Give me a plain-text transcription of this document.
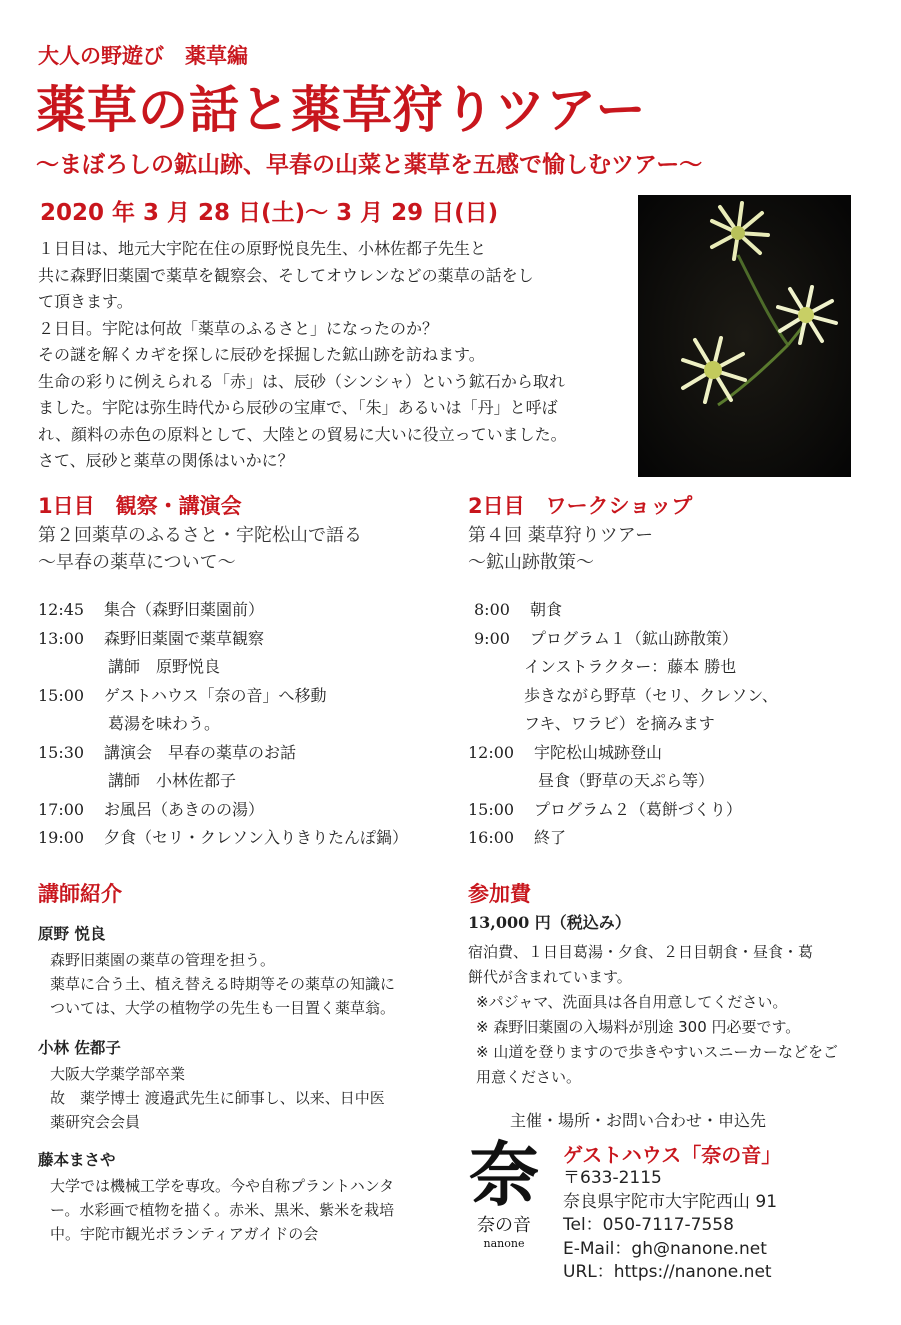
大人の野遊び　薬草編
薬草の話と薬草狩りツアー
～まぼろしの鉱山跡、早春の山菜と薬草を五感で愉しむツアー～
2020 年 3 月 28 日(土)～ 3 月 29 日(日)

１日目は、地元大宇陀在住の原野悦良先生、小林佐都子先生と

共に森野旧薬園で薬草を観察会、そしてオウレンなどの薬草の話をし

て頂きます。

２日目。宇陀は何故「薬草のふるさと」になったのか？

その謎を解くカギを探しに辰砂を採掘した鉱山跡を訪ねます。

生命の彩りに例えられる「赤」は、辰砂（シンシャ）という鉱石から取れ

ました。宇陀は弥生時代から辰砂の宝庫で、「朱」あるいは「丹」と呼ば

れ、顔料の赤色の原料として、大陸との貿易に大いに役立っていました。

さて、辰砂と薬草の関係はいかに？

1日目　観察・講演会
第２回薬草のふるさと・宇陀松山で語る
～早春の薬草について～
12:45	集合（森野旧薬園前）
13:00	森野旧薬園で薬草観察
講師　原野悦良
15:00	ゲストハウス「奈の音」へ移動
葛湯を味わう。
15:30	講演会　早春の薬草のお話
講師　小林佐都子
17:00	お風呂（あきのの湯）
19:00	夕食（セリ・クレソン入りきりたんぽ鍋）
2日目　ワークショップ
第４回 薬草狩りツアー
～鉱山跡散策～
8:00	朝食
9:00	プログラム１（鉱山跡散策）
インストラクター：藤本 勝也
歩きながら野草（セリ、クレソン、
フキ、ワラビ）を摘みます
12:00	宇陀松山城跡登山
昼食（野草の天ぷら等）
15:00	プログラム２（葛餅づくり）
16:00	終了
講師紹介
原野 悦良
森野旧薬園の薬草の管理を担う。
薬草に合う土、植え替える時期等その薬草の知識に
ついては、大学の植物学の先生も一目置く薬草翁。
小林 佐都子
大阪大学薬学部卒業
故　薬学博士 渡邉武先生に師事し、以来、日中医
薬研究会会員
藤本まさや
大学では機械工学を専攻。今や自称プラントハンタ
ー。水彩画で植物を描く。赤米、黒米、紫米を栽培
中。宇陀市観光ボランティアガイドの会
参加費
13,000 円（税込み）
宿泊費、１日目葛湯・夕食、２日目朝食・昼食・葛
餅代が含まれています。
※パジャマ、洗面具は各自用意してください。
※ 森野旧薬園の入場料が別途 300 円必要です。
※ 山道を登りますので歩きやすいスニーカーなどをご
用意ください。
主催・場所・お問い合わせ・申込先
奈
奈の音
nanone
ゲストハウス「奈の音」
〒633-2115
奈良県宇陀市大宇陀西山 91
Tel：050-7117-7558
E-Mail：gh@nanone.net
URL：https://nanone.net
